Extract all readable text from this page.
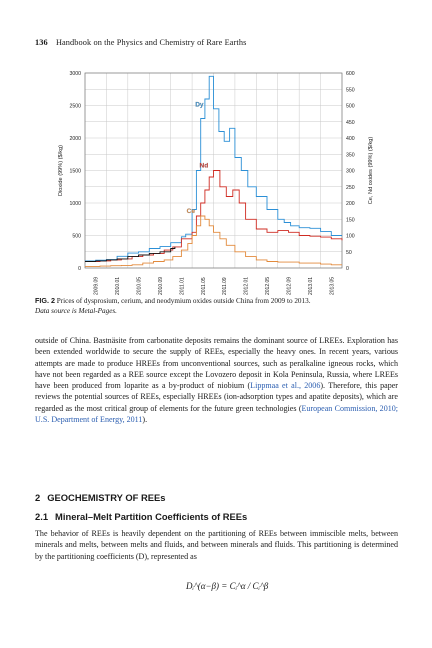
136 Handbook on the Physics and Chemistry of Rare Earths
0
500
1000
1500
2000
2500
3000
0
50
100
150
200
250
300
350
400
450
500
550
600
2009.09	2010.01	2010.05	2010.09	2011.01	2011.05	2011.09	2012.01	2012.05	2012.09	2013.01	2013.05
Dioxide (99%) ($/kg)	Ce, Nd oxides (99%) ($/kg)
Dy
Nd
Ce
FIG. 2 Prices of dysprosium, cerium, and neodymium oxides outside China from 2009 to 2013.
Data source is Metal-Pages.
outside of China. Bastnäsite from carbonatite deposits remains the dominant source of LREEs. Exploration has been extended worldwide to secure the supply of REEs, especially the heavy ones. In recent years, various attempts are made to produce HREEs from unconventional sources, such as peralkaline igneous rocks, which have not been regarded as a REE source except the Lovozero deposit in Kola Peninsula, Russia, where LREEs have been produced from loparite as a by-product of niobium (Lippmaa et al., 2006). Therefore, this paper reviews the potential sources of REEs, especially HREEs (ion-adsorption types and apatite deposits), which are regarded as the most critical group of elements for the future green technologies (European Commission, 2010; U.S. Department of Energy, 2011).
2 GEOCHEMISTRY OF REEs
2.1 Mineral–Melt Partition Coefficients of REEs
The behavior of REEs is heavily dependent on the partitioning of REEs between immiscible melts, between minerals and melts, between melts and fluids, and between minerals and fluids. This partitioning is determined by the partitioning coefficients (D), represented as
Dᵢ^(α−β) = Cᵢ^α / Cᵢ^β
